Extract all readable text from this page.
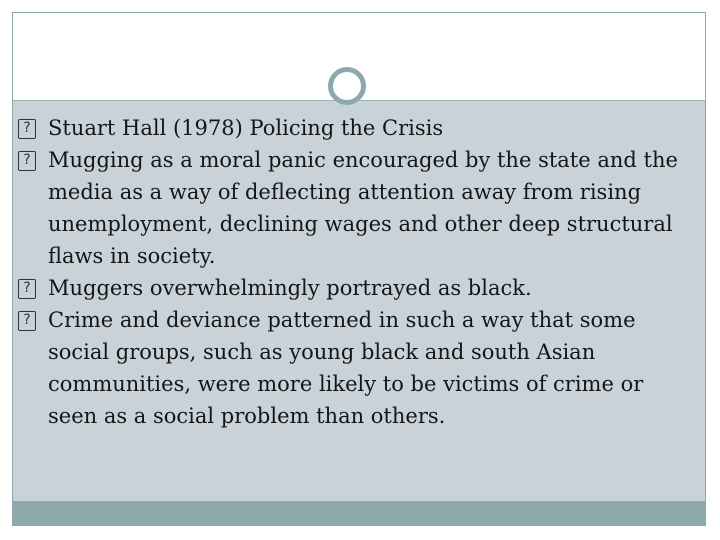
? Stuart Hall (1978) Policing the Crisis
? Mugging as a moral panic encouraged by the state and the media as a way of deflecting attention away from rising unemployment, declining wages and other deep structural flaws in society.
? Muggers overwhelmingly portrayed as black.
? Crime and deviance patterned in such a way that some social groups, such as young black and south Asian communities, were more likely to be victims of crime or seen as a social problem than others.
